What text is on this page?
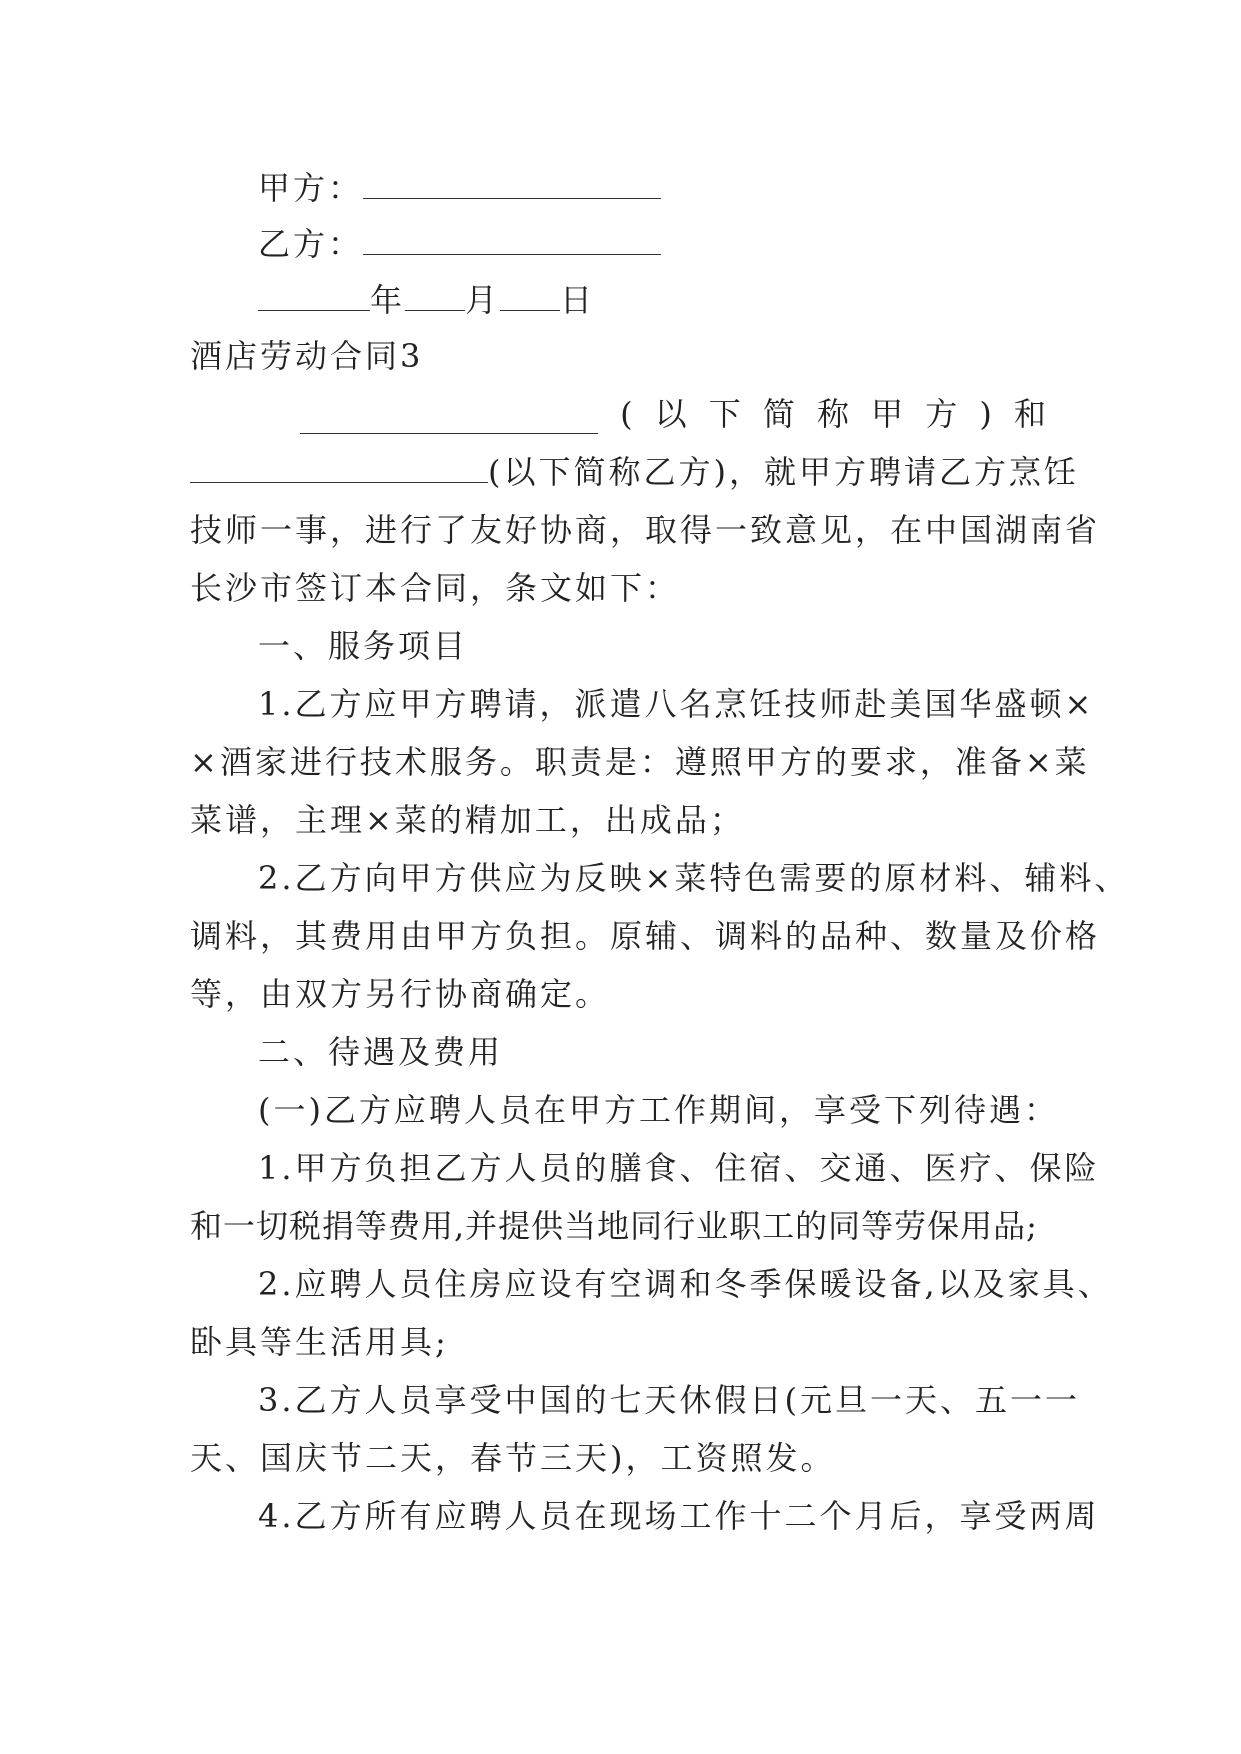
甲方：
乙方：
年 月 日
酒店劳动合同3
( 以 下 简 称 甲 方 ) 和
(以下简称乙方)，就甲方聘请乙方烹饪
技师一事，进行了友好协商，取得一致意见，在中国湖南省
长沙市签订本合同，条文如下：
一、服务项目
1.乙方应甲方聘请，派遣八名烹饪技师赴美国华盛顿×
×酒家进行技术服务。职责是：遵照甲方的要求，准备×菜
菜谱，主理×菜的精加工，出成品；
2.乙方向甲方供应为反映×菜特色需要的原材料、辅料、
调料，其费用由甲方负担。原辅、调料的品种、数量及价格
等，由双方另行协商确定。
二、待遇及费用
(一)乙方应聘人员在甲方工作期间，享受下列待遇：
1.甲方负担乙方人员的膳食、住宿、交通、医疗、保险
和一切税捐等费用,并提供当地同行业职工的同等劳保用品;
2.应聘人员住房应设有空调和冬季保暖设备,以及家具、
卧具等生活用具;
3.乙方人员享受中国的七天休假日(元旦一天、五一一
天、国庆节二天，春节三天)，工资照发。
4.乙方所有应聘人员在现场工作十二个月后，享受两周
